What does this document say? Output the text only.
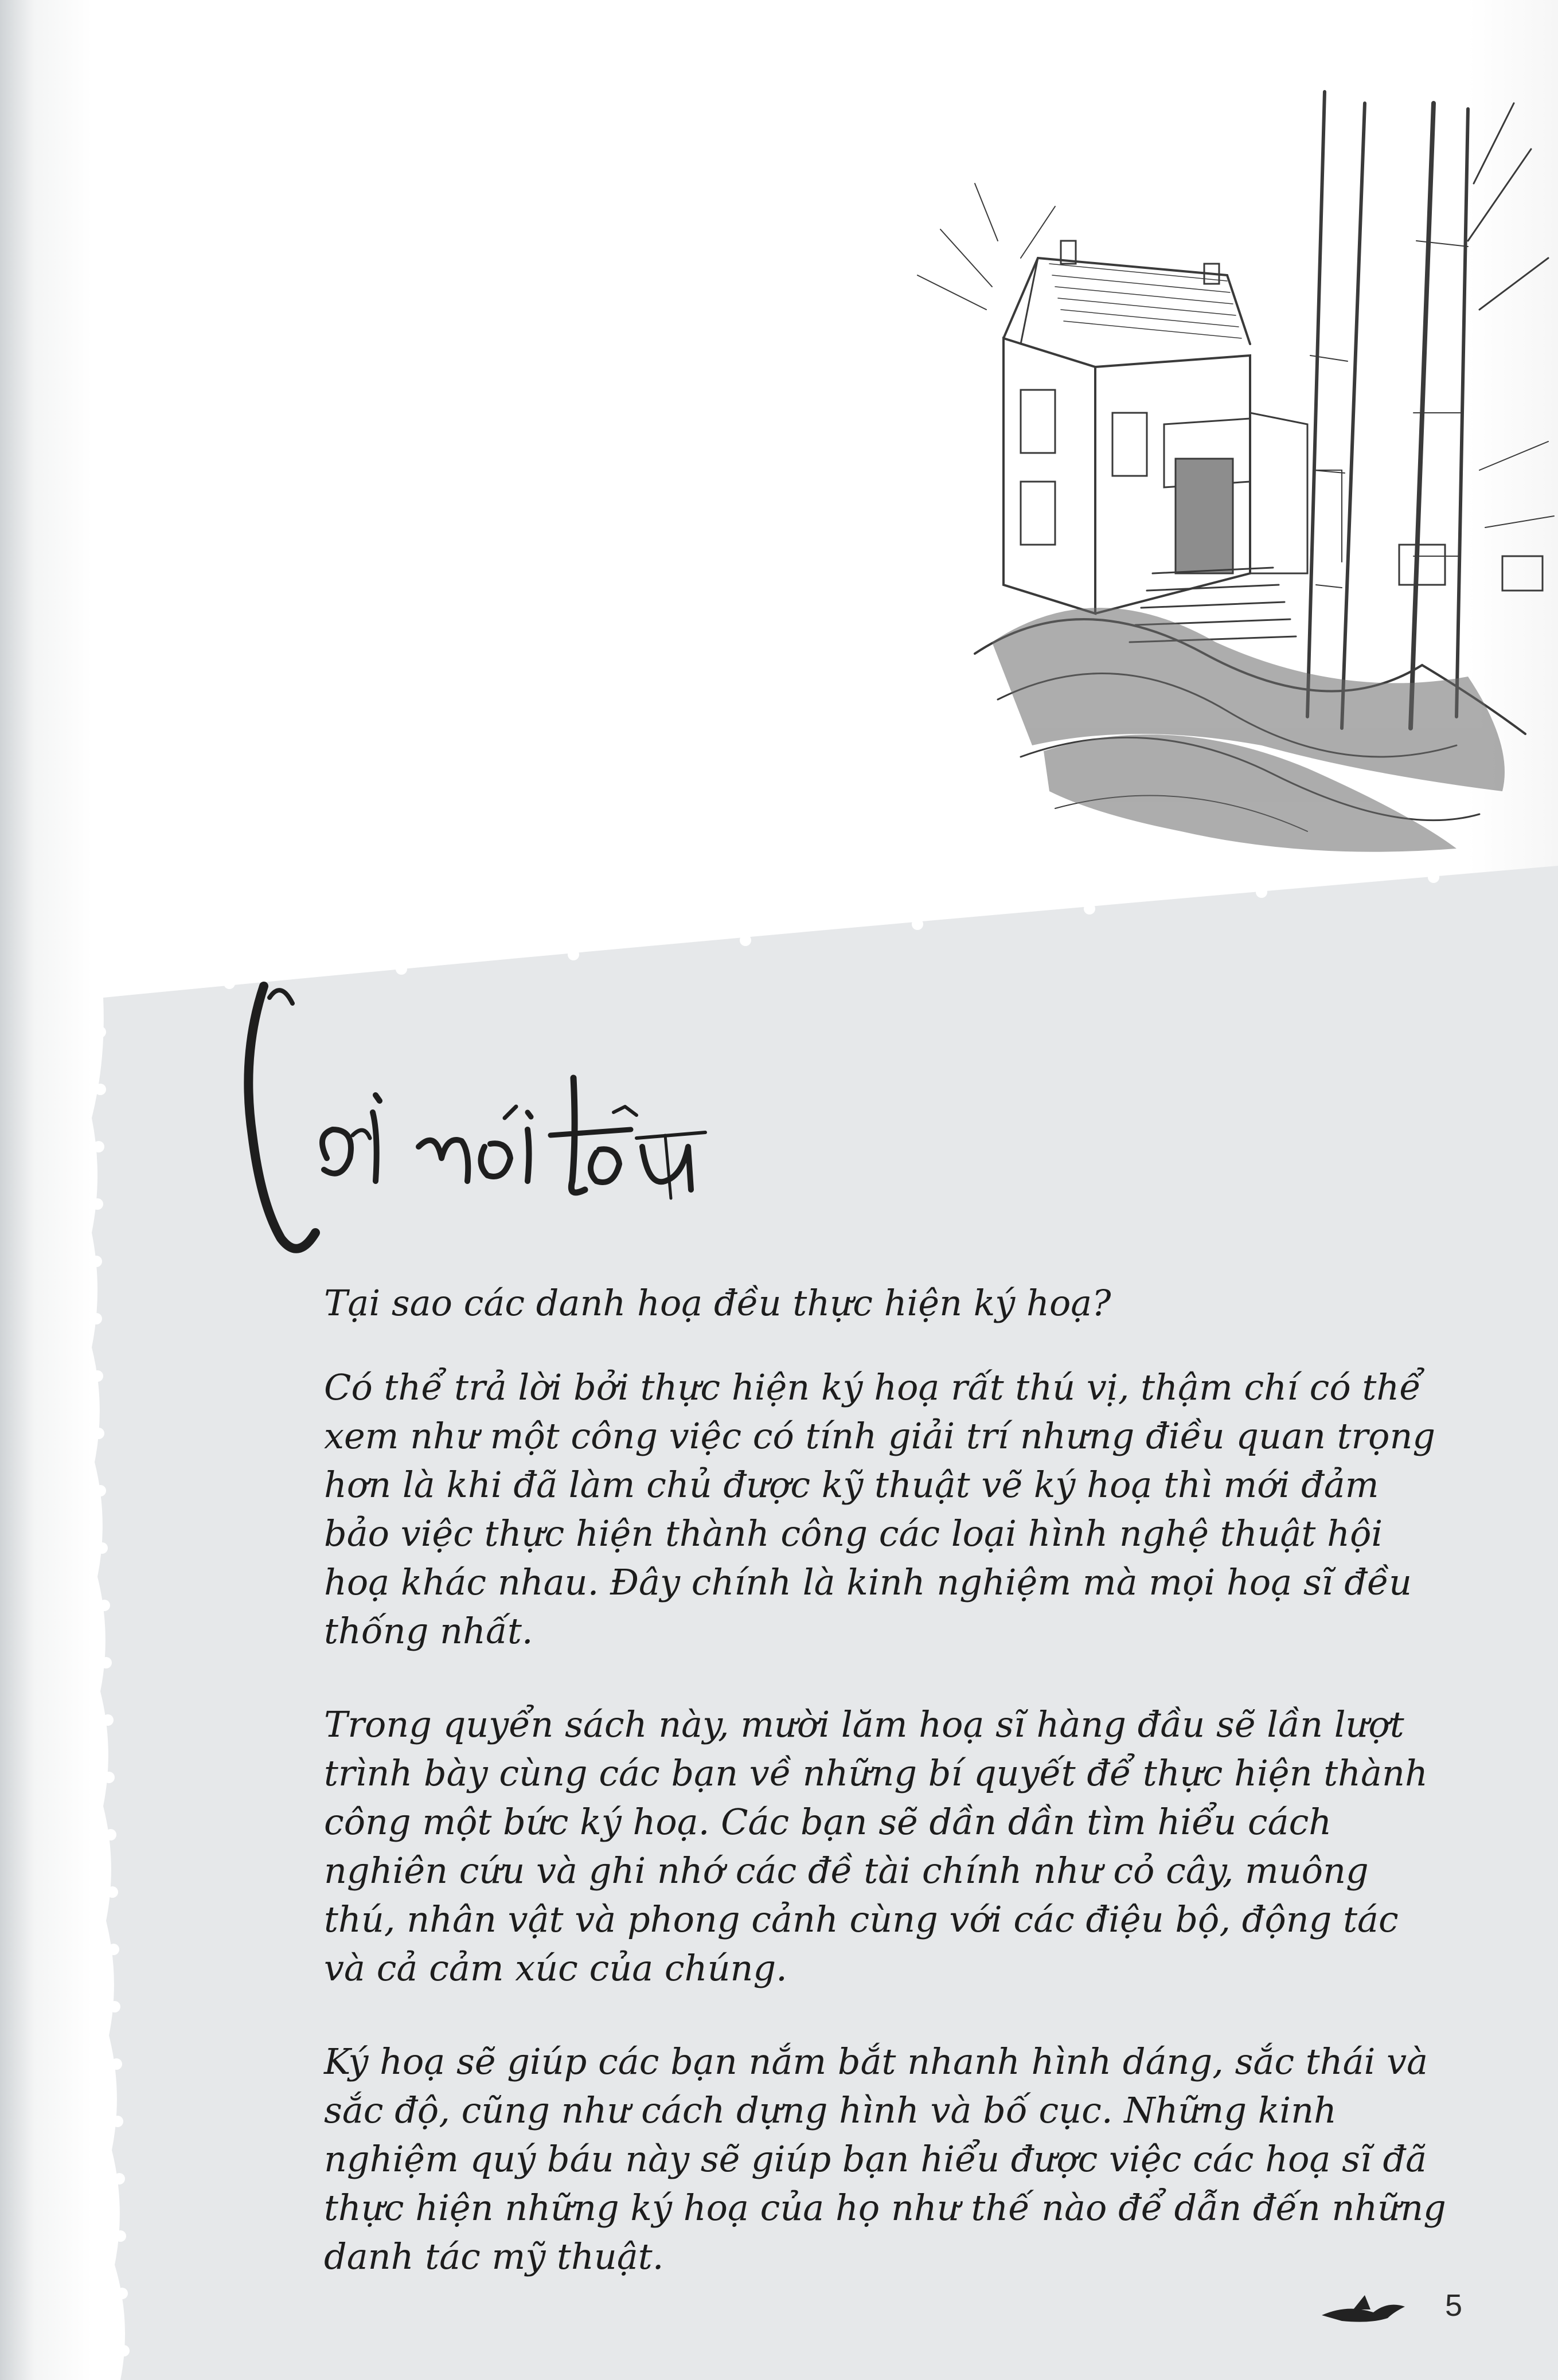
Tại sao các danh hoạ đều thực hiện ký hoạ?

Có thể trả lời bởi thực hiện ký hoạ rất thú vị, thậm chí có thể xem như một công việc có tính giải trí nhưng điều quan trọng hơn là khi đã làm chủ được kỹ thuật vẽ ký hoạ thì mới đảm bảo việc thực hiện thành công các loại hình nghệ thuật hội hoạ khác nhau. Đây chính là kinh nghiệm mà mọi hoạ sĩ đều thống nhất.

Trong quyển sách này, mười lăm hoạ sĩ hàng đầu sẽ lần lượt trình bày cùng các bạn về những bí quyết để thực hiện thành công một bức ký hoạ. Các bạn sẽ dần dần tìm hiểu cách nghiên cứu và ghi nhớ các đề tài chính như cỏ cây, muông thú, nhân vật và phong cảnh cùng với các điệu bộ, động tác và cả cảm xúc của chúng.

Ký hoạ sẽ giúp các bạn nắm bắt nhanh hình dáng, sắc thái và sắc độ, cũng như cách dựng hình và bố cục. Những kinh nghiệm quý báu này sẽ giúp bạn hiểu được việc các hoạ sĩ đã thực hiện những ký hoạ của họ như thế nào để dẫn đến những danh tác mỹ thuật.

5
